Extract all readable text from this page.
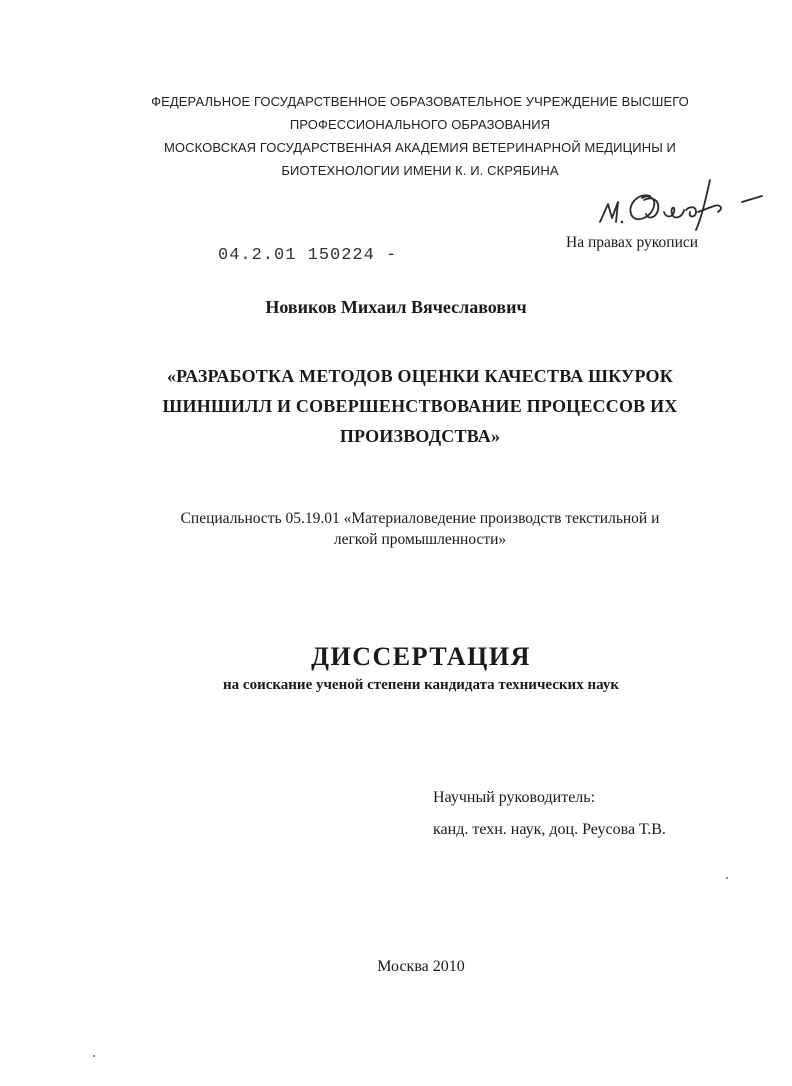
ФЕДЕРАЛЬНОЕ ГОСУДАРСТВЕННОЕ ОБРАЗОВАТЕЛЬНОЕ УЧРЕЖДЕНИЕ ВЫСШЕГО
ПРОФЕССИОНАЛЬНОГО ОБРАЗОВАНИЯ
МОСКОВСКАЯ ГОСУДАРСТВЕННАЯ АКАДЕМИЯ ВЕТЕРИНАРНОЙ МЕДИЦИНЫ И
БИОТЕХНОЛОГИИ ИМЕНИ К. И. СКРЯБИНА
04.2.01 150224 -
На правах рукописи
Новиков Михаил Вячеславович
«РАЗРАБОТКА МЕТОДОВ ОЦЕНКИ КАЧЕСТВА ШКУРОК
ШИНШИЛЛ И СОВЕРШЕНСТВОВАНИЕ ПРОЦЕССОВ ИХ
ПРОИЗВОДСТВА»
Специальность 05.19.01 «Материаловедение производств текстильной и
легкой промышленности»
ДИССЕРТАЦИЯ
на соискание ученой степени кандидата технических наук
Научный руководитель:
канд. техн. наук, доц. Реусова Т.В.
Москва 2010
